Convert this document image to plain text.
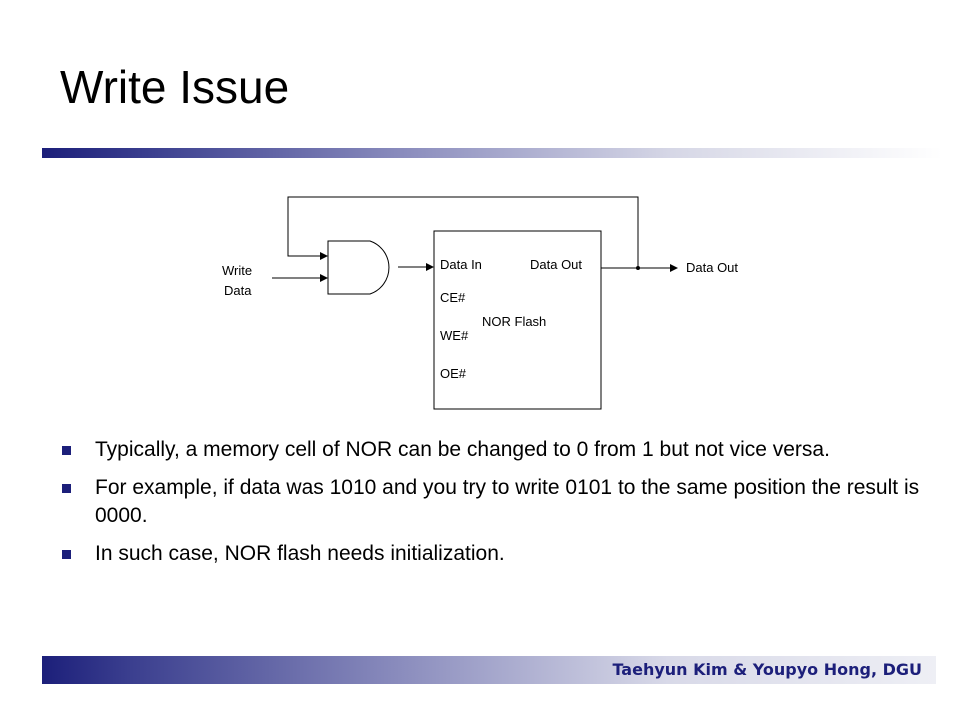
Write Issue
Write
Data
Data In	Data Out
CE#
NOR Flash
WE#
OE#
Data Out
Typically, a memory cell of NOR can be changed to 0 from 1 but not vice versa.
For example, if data was 1010 and you try to write 0101 to the same position the result is 0000.
In such case, NOR flash needs initialization.
Taehyun Kim & Youpyo Hong, DGU
